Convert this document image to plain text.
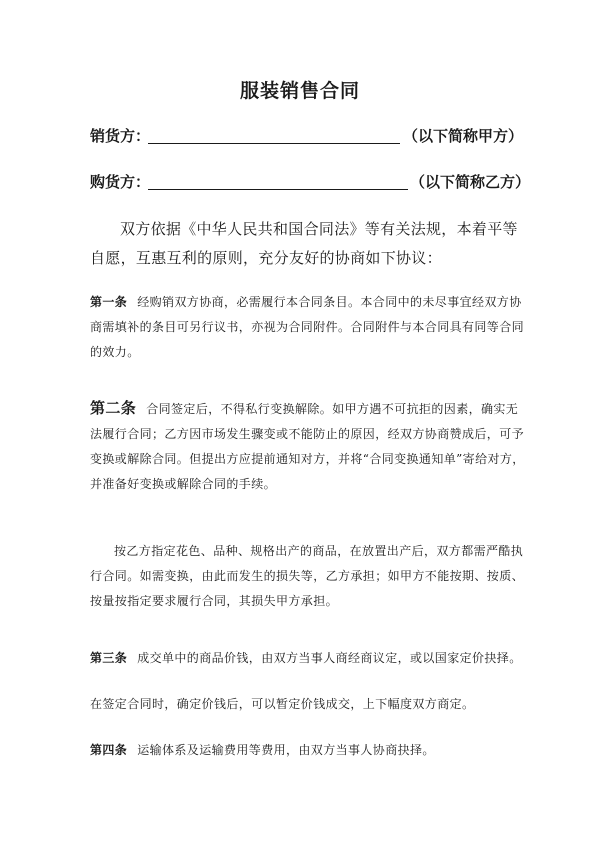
服装销售合同
销货方：	（以下简称甲方）
购货方：	（以下简称乙方）
双方依据《中华人民共和国合同法》等有关法规，本着平等自愿，互惠互利的原则，充分友好的协商如下协议：
第一条 经购销双方协商，必需履行本合同条目。本合同中的未尽事宜经双方协商需填补的条目可另行议书，亦视为合同附件。合同附件与本合同具有同等合同的效力。
第二条 合同签定后，不得私行变换解除。如甲方遇不可抗拒的因素，确实无法履行合同；乙方因市场发生骤变或不能防止的原因，经双方协商赞成后，可予变换或解除合同。但提出方应提前通知对方，并将“合同变换通知单”寄给对方，并准备好变换或解除合同的手续。
按乙方指定花色、品种、规格出产的商品，在放置出产后，双方都需严酷执行合同。如需变换，由此而发生的损失等，乙方承担；如甲方不能按期、按质、按量按指定要求履行合同，其损失甲方承担。
第三条 成交单中的商品价钱，由双方当事人商经商议定，或以国家定价抉择。
在签定合同时，确定价钱后，可以暂定价钱成交，上下幅度双方商定。
第四条 运输体系及运输费用等费用，由双方当事人协商抉择。
